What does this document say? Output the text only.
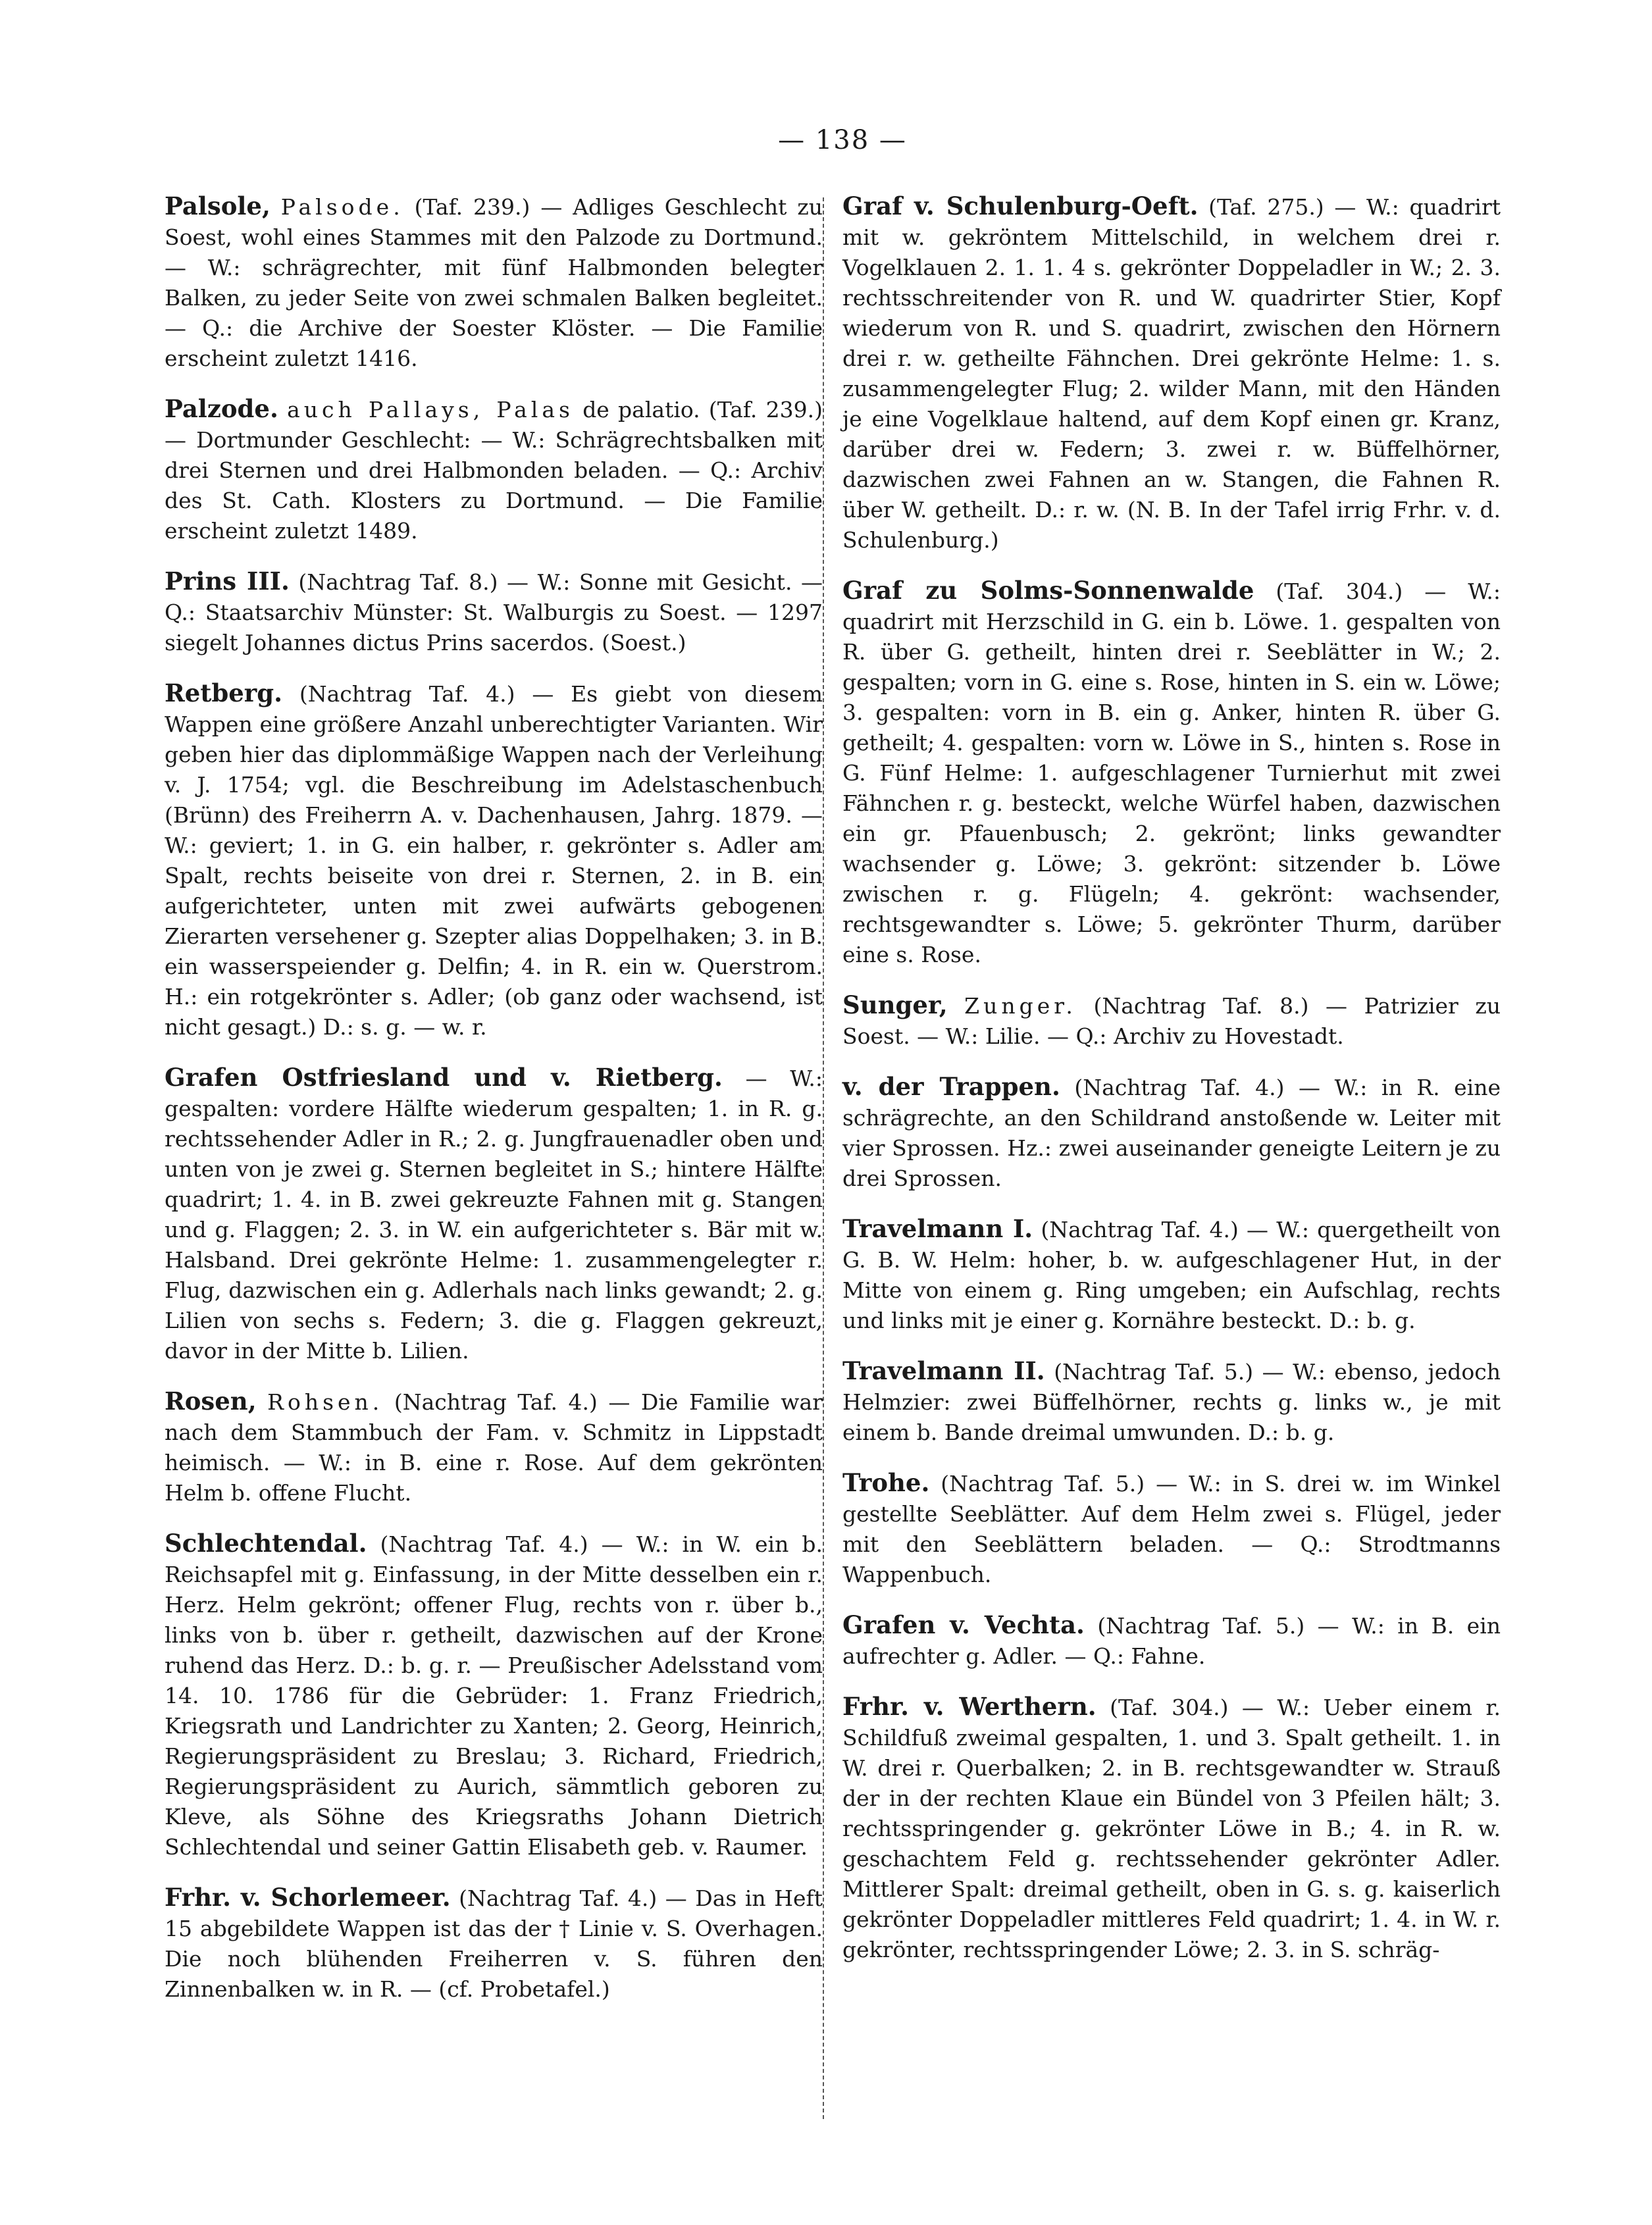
— 138 —

Palsole, Palsode. (Taf. 239.) — Adliges Geschlecht zu Soest, wohl eines Stammes mit den Palzode zu Dortmund. — W.: schrägrechter, mit fünf Halbmonden belegter Balken, zu jeder Seite von zwei schmalen Balken begleitet. — Q.: die Archive der Soester Klöster. — Die Familie erscheint zuletzt 1416.

Palzode. auch Pallays, Palas de palatio. (Taf. 239.) — Dortmunder Geschlecht: — W.: Schrägrechtsbalken mit drei Sternen und drei Halbmonden beladen. — Q.: Archiv des St. Cath. Klosters zu Dortmund. — Die Familie erscheint zuletzt 1489.

Prins III. (Nachtrag Taf. 8.) — W.: Sonne mit Gesicht. — Q.: Staatsarchiv Münster: St. Walburgis zu Soest. — 1297 siegelt Johannes dictus Prins sacerdos. (Soest.)

Retberg. (Nachtrag Taf. 4.) — Es giebt von diesem Wappen eine größere Anzahl unberechtigter Varianten. Wir geben hier das diplommäßige Wappen nach der Verleihung v. J. 1754; vgl. die Beschreibung im Adelstaschenbuch (Brünn) des Freiherrn A. v. Dachenhausen, Jahrg. 1879. — W.: geviert; 1. in G. ein halber, r. gekrönter s. Adler am Spalt, rechts beiseite von drei r. Sternen, 2. in B. ein aufgerichteter, unten mit zwei aufwärts gebogenen Zierarten versehener g. Szepter alias Doppelhaken; 3. in B. ein wasserspeiender g. Delfin; 4. in R. ein w. Querstrom. H.: ein rotgekrönter s. Adler; (ob ganz oder wachsend, ist nicht gesagt.) D.: s. g. — w. r.

Grafen Ostfriesland und v. Rietberg. — W.: gespalten: vordere Hälfte wiederum gespalten; 1. in R. g. rechtssehender Adler in R.; 2. g. Jungfrauenadler oben und unten von je zwei g. Sternen begleitet in S.; hintere Hälfte quadrirt; 1. 4. in B. zwei gekreuzte Fahnen mit g. Stangen und g. Flaggen; 2. 3. in W. ein aufgerichteter s. Bär mit w. Halsband. Drei gekrönte Helme: 1. zusammengelegter r. Flug, dazwischen ein g. Adlerhals nach links gewandt; 2. g. Lilien von sechs s. Federn; 3. die g. Flaggen gekreuzt, davor in der Mitte b. Lilien.

Rosen, Rohsen. (Nachtrag Taf. 4.) — Die Familie war nach dem Stammbuch der Fam. v. Schmitz in Lippstadt heimisch. — W.: in B. eine r. Rose. Auf dem gekrönten Helm b. offene Flucht.

Schlechtendal. (Nachtrag Taf. 4.) — W.: in W. ein b. Reichsapfel mit g. Einfassung, in der Mitte desselben ein r. Herz. Helm gekrönt; offener Flug, rechts von r. über b., links von b. über r. getheilt, dazwischen auf der Krone ruhend das Herz. D.: b. g. r. — Preußischer Adelsstand vom 14. 10. 1786 für die Gebrüder: 1. Franz Friedrich, Kriegsrath und Landrichter zu Xanten; 2. Georg, Heinrich, Regierungspräsident zu Breslau; 3. Richard, Friedrich, Regierungspräsident zu Aurich, sämmtlich geboren zu Kleve, als Söhne des Kriegsraths Johann Dietrich Schlechtendal und seiner Gattin Elisabeth geb. v. Raumer.

Frhr. v. Schorlemeer. (Nachtrag Taf. 4.) — Das in Heft 15 abgebildete Wappen ist das der † Linie v. S. Overhagen. Die noch blühenden Freiherren v. S. führen den Zinnenbalken w. in R. — (cf. Probetafel.)

Graf v. Schulenburg-Oeft. (Taf. 275.) — W.: quadrirt mit w. gekröntem Mittelschild, in welchem drei r. Vogelklauen 2. 1. 1. 4 s. gekrönter Doppeladler in W.; 2. 3. rechtsschreitender von R. und W. quadrirter Stier, Kopf wiederum von R. und S. quadrirt, zwischen den Hörnern drei r. w. getheilte Fähnchen. Drei gekrönte Helme: 1. s. zusammengelegter Flug; 2. wilder Mann, mit den Händen je eine Vogelklaue haltend, auf dem Kopf einen gr. Kranz, darüber drei w. Federn; 3. zwei r. w. Büffelhörner, dazwischen zwei Fahnen an w. Stangen, die Fahnen R. über W. getheilt. D.: r. w. (N. B. In der Tafel irrig Frhr. v. d. Schulenburg.)

Graf zu Solms-Sonnenwalde (Taf. 304.) — W.: quadrirt mit Herzschild in G. ein b. Löwe. 1. gespalten von R. über G. getheilt, hinten drei r. Seeblätter in W.; 2. gespalten; vorn in G. eine s. Rose, hinten in S. ein w. Löwe; 3. gespalten: vorn in B. ein g. Anker, hinten R. über G. getheilt; 4. gespalten: vorn w. Löwe in S., hinten s. Rose in G. Fünf Helme: 1. aufgeschlagener Turnierhut mit zwei Fähnchen r. g. besteckt, welche Würfel haben, dazwischen ein gr. Pfauenbusch; 2. gekrönt; links gewandter wachsender g. Löwe; 3. gekrönt: sitzender b. Löwe zwischen r. g. Flügeln; 4. gekrönt: wachsender, rechtsgewandter s. Löwe; 5. gekrönter Thurm, darüber eine s. Rose.

Sunger, Zunger. (Nachtrag Taf. 8.) — Patrizier zu Soest. — W.: Lilie. — Q.: Archiv zu Hovestadt.

v. der Trappen. (Nachtrag Taf. 4.) — W.: in R. eine schrägrechte, an den Schildrand anstoßende w. Leiter mit vier Sprossen. Hz.: zwei auseinander geneigte Leitern je zu drei Sprossen.

Travelmann I. (Nachtrag Taf. 4.) — W.: quergetheilt von G. B. W. Helm: hoher, b. w. aufgeschlagener Hut, in der Mitte von einem g. Ring umgeben; ein Aufschlag, rechts und links mit je einer g. Kornähre besteckt. D.: b. g.

Travelmann II. (Nachtrag Taf. 5.) — W.: ebenso, jedoch Helmzier: zwei Büffelhörner, rechts g. links w., je mit einem b. Bande dreimal umwunden. D.: b. g.

Trohe. (Nachtrag Taf. 5.) — W.: in S. drei w. im Winkel gestellte Seeblätter. Auf dem Helm zwei s. Flügel, jeder mit den Seeblättern beladen. — Q.: Strodtmanns Wappenbuch.

Grafen v. Vechta. (Nachtrag Taf. 5.) — W.: in B. ein aufrechter g. Adler. — Q.: Fahne.

Frhr. v. Werthern. (Taf. 304.) — W.: Ueber einem r. Schildfuß zweimal gespalten, 1. und 3. Spalt getheilt. 1. in W. drei r. Querbalken; 2. in B. rechtsgewandter w. Strauß der in der rechten Klaue ein Bündel von 3 Pfeilen hält; 3. rechtsspringender g. gekrönter Löwe in B.; 4. in R. w. geschachtem Feld g. rechtssehender gekrönter Adler. Mittlerer Spalt: dreimal getheilt, oben in G. s. g. kaiserlich gekrönter Doppeladler mittleres Feld quadrirt; 1. 4. in W. r. gekrönter, rechtsspringender Löwe; 2. 3. in S. schräg-
